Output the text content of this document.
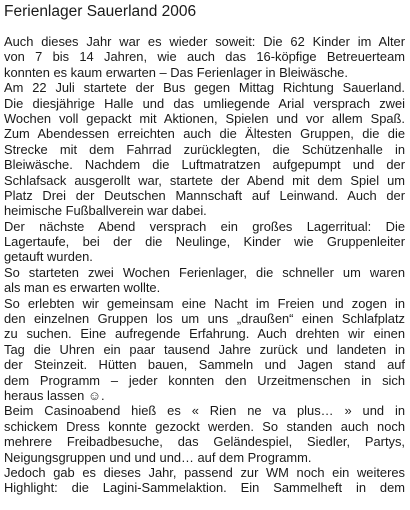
Ferienlager Sauerland 2006
Auch dieses Jahr war es wieder soweit: Die 62 Kinder im Alter
von 7 bis 14 Jahren, wie auch das 16-köpfige Betreuerteam
konnten es kaum erwarten – Das Ferienlager in Bleiwäsche.
Am 22 Juli startete der Bus gegen Mittag Richtung Sauerland.
Die diesjährige Halle und das umliegende Arial versprach zwei
Wochen voll gepackt mit Aktionen, Spielen und vor allem Spaß.
Zum Abendessen erreichten auch die Ältesten Gruppen, die die
Strecke mit dem Fahrrad zurücklegten, die Schützenhalle in
Bleiwäsche. Nachdem die Luftmatratzen aufgepumpt und der
Schlafsack ausgerollt war, startete der Abend mit dem Spiel um
Platz Drei der Deutschen Mannschaft auf Leinwand. Auch der
heimische Fußballverein war dabei.
Der nächste Abend versprach ein großes Lagerritual: Die
Lagertaufe, bei der die Neulinge, Kinder wie Gruppenleiter
getauft wurden.
So starteten zwei Wochen Ferienlager, die schneller um waren
als man es erwarten wollte.
So erlebten wir gemeinsam eine Nacht im Freien und zogen in
den einzelnen Gruppen los um uns „draußen“ einen Schlafplatz
zu suchen. Eine aufregende Erfahrung. Auch drehten wir einen
Tag die Uhren ein paar tausend Jahre zurück und landeten in
der Steinzeit. Hütten bauen, Sammeln und Jagen stand auf
dem Programm – jeder konnten den Urzeitmenschen in sich
heraus lassen ☺.
Beim Casinoabend hieß es « Rien ne va plus… » und in
schickem Dress konnte gezockt werden. So standen auch noch
mehrere Freibadbesuche, das Geländespiel, Siedler, Partys,
Neigungsgruppen und und und… auf dem Programm.
Jedoch gab es dieses Jahr, passend zur WM noch ein weiteres
Highlight: die Lagini-Sammelaktion. Ein Sammelheft in dem
